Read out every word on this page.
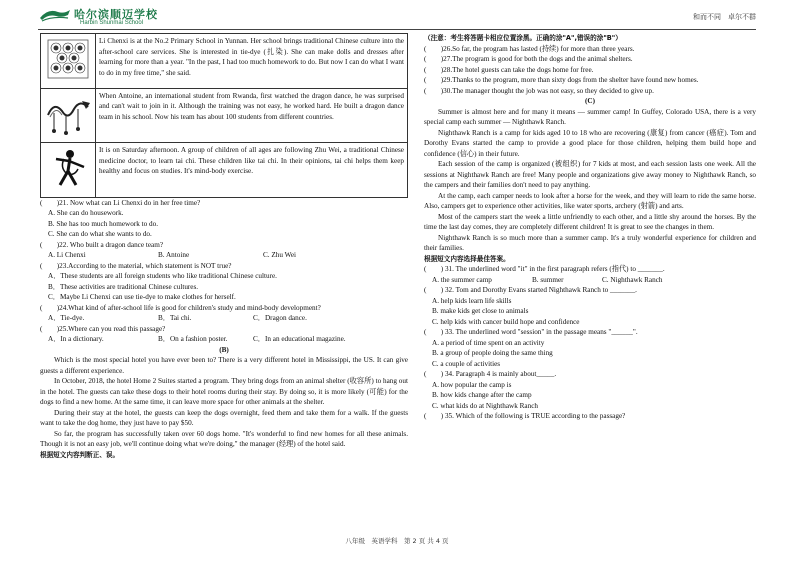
哈尔滨顺迈学校
Harbin Shunmai School
和而不同　卓尔不群
	Li Chenxi is at the No.2 Primary School in Yunnan. Her school brings traditional Chinese culture into the after-school care services. She is interested in tie-dye (扎染). She can make dolls and dresses after learning for more than a year. "In the past, I had too much homework to do. But now I can do what I want to do in my free time," she said.
	When Antoine, an international student from Rwanda, first watched the dragon dance, he was surprised and can't wait to join in it. Although the training was not easy, he worked hard. He built a dragon dance team in his school. Now his team has about 100 students from different countries.
	It is on Saturday afternoon. A group of children of all ages are following Zhu Wei, a traditional Chinese medicine doctor, to learn tai chi. These children like tai chi. In their opinions, tai chi helps them keep healthy and focus on studies. It's mind-body exercise.

(　　)21. Now what can Li Chenxi do in her free time?

A. She can do housework.

B. She has too much homework to do.

C. She can do what she wants to do.

(　　)22. Who built a dragon dance team?

A. Li Chenxi	B. Antoine	C. Zhu Wei

(　　)23.According to the material, which statement is NOT true?

A．These students are all foreign students who like traditional Chinese culture.

B．These activities are traditional Chinese cultures.

C．Maybe Li Chenxi can use tie-dye to make clothes for herself.

(　　)24.What kind of after-school life is good for children's study and mind-body development?

A．Tie-dye.	B．Tai chi.	C．Dragon dance.

(　　)25.Where can you read this passage?

A．In a dictionary.	B．On a fashion poster.	C．In an educational magazine.

(B)

Which is the most special hotel you have ever been to? There is a very different hotel in Mississippi, the US. It can give guests a different experience.

In October, 2018, the hotel Home 2 Suites started a program. They bring dogs from an animal shelter (收容所) to hang out in the hotel. The guests can take these dogs to their hotel rooms during their stay. By doing so, it is more likely (可能) for the dogs to find a new home. At the same time, it can leave more space for other animals at the shelter.

During their stay at the hotel, the guests can keep the dogs overnight, feed them and take them for a walk. If the guests want to take the dog home, they just have to pay $50.

So far, the program has successfully taken over 60 dogs home. "It's wonderful to find new homes for all these animals. Though it is not an easy job, we'll continue doing what we're doing," the manager (经理) of the hotel said.

根据短文内容判断正、误。

（注意：考生将答题卡相应位置涂黑。正确的涂"A",错误的涂"B"）

(　　)26.So far, the program has lasted (持续) for more than three years.

(　　)27.The program is good for both the dogs and the animal shelters.

(　　)28.The hotel guests can take the dogs home for free.

(　　)29.Thanks to the program, more than sixty dogs from the shelter have found new homes.

(　　)30.The manager thought the job was not easy, so they decided to give up.

(C)

Summer is almost here and for many it means — summer camp! In Guffey, Colorado USA, there is a very special camp each summer — Nighthawk Ranch.

Nighthawk Ranch is a camp for kids aged 10 to 18 who are recovering (康复) from cancer (癌症). Tom and Dorothy Evans started the camp to provide a good place for those children, helping them build hope and confidence (信心) in their future.

Each session of the camp is organized (被组织) for 7 kids at most, and each session lasts one week. All the sessions at Nighthawk Ranch are free! Many people and organizations give away money to Nighthawk Ranch, so the campers and their families don't need to pay anything.

At the camp, each camper needs to look after a horse for the week, and they will learn to ride the same horse. Also, campers get to experience other activities, like water sports, archery (射箭) and arts.

Most of the campers start the week a little unfriendly to each other, and a little shy around the horses. By the time the last day comes, they are completely different children! It is great to see the changes in them.

Nighthawk Ranch is so much more than a summer camp. It's a truly wonderful experience for children and their families.

根据短文内容选择最佳答案。

(　　) 31. The underlined word "it" in the first paragraph refers (指代) to _______.

A. the summer camp	B. summer	C. Nighthawk Ranch

(　　) 32. Tom and Dorothy Evans started Nighthawk Ranch to _______.

A. help kids learn life skills

B. make kids get close to animals

C. help kids with cancer build hope and confidence

(　　) 33. The underlined word "session" in the passage means "______".

A. a period of time spent on an activity

B. a group of people doing the same thing

C. a couple of activities

(　　) 34. Paragraph 4 is mainly about_____.

A. how popular the camp is

B. how kids change after the camp

C. what kids do at Nighthawk Ranch

(　　) 35. Which of the following is TRUE according to the passage?

八年级　英语学科　第 2 页 共 4 页
